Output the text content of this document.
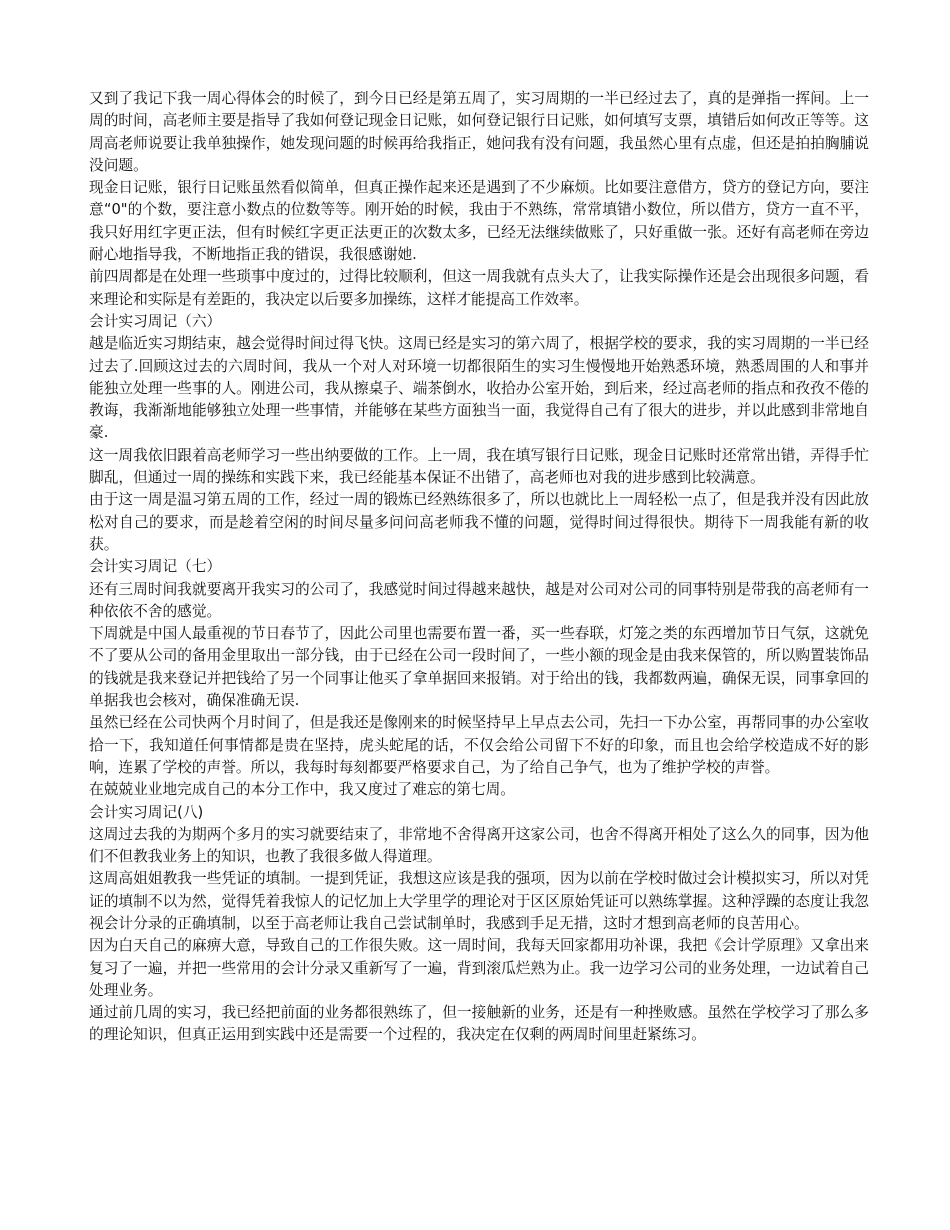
又到了我记下我一周心得体会的时候了，到今日已经是第五周了，实习周期的一半已经过去了，真的是弹指一挥间。上一周的时间，高老师主要是指导了我如何登记现金日记账，如何登记银行日记账，如何填写支票，填错后如何改正等等。这周高老师说要让我单独操作，她发现问题的时候再给我指正，她问我有没有问题，我虽然心里有点虚，但还是拍拍胸脯说没问题。

现金日记账，银行日记账虽然看似简单，但真正操作起来还是遇到了不少麻烦。比如要注意借方，贷方的登记方向，要注意“0"的个数，要注意小数点的位数等等。刚开始的时候，我由于不熟练，常常填错小数位，所以借方，贷方一直不平，我只好用红字更正法，但有时候红字更正法更正的次数太多，已经无法继续做账了，只好重做一张。还好有高老师在旁边耐心地指导我，不断地指正我的错误，我很感谢她.

前四周都是在处理一些琐事中度过的，过得比较顺利，但这一周我就有点头大了，让我实际操作还是会出现很多问题，看来理论和实际是有差距的，我决定以后要多加操练，这样才能提高工作效率。

会计实习周记（六）

越是临近实习期结束，越会觉得时间过得飞快。这周已经是实习的第六周了，根据学校的要求，我的实习周期的一半已经过去了.回顾这过去的六周时间，我从一个对人对环境一切都很陌生的实习生慢慢地开始熟悉环境，熟悉周围的人和事并能独立处理一些事的人。刚进公司，我从擦桌子、端茶倒水，收拾办公室开始，到后来，经过高老师的指点和孜孜不倦的教诲，我渐渐地能够独立处理一些事情，并能够在某些方面独当一面，我觉得自己有了很大的进步，并以此感到非常地自豪.

这一周我依旧跟着高老师学习一些出纳要做的工作。上一周，我在填写银行日记账，现金日记账时还常常出错，弄得手忙脚乱，但通过一周的操练和实践下来，我已经能基本保证不出错了，高老师也对我的进步感到比较满意。

由于这一周是温习第五周的工作，经过一周的锻炼已经熟练很多了，所以也就比上一周轻松一点了，但是我并没有因此放松对自己的要求，而是趁着空闲的时间尽量多问问高老师我不懂的问题，觉得时间过得很快。期待下一周我能有新的收获。

会计实习周记（七）

还有三周时间我就要离开我实习的公司了，我感觉时间过得越来越快，越是对公司对公司的同事特别是带我的高老师有一种依依不舍的感觉。

下周就是中国人最重视的节日春节了，因此公司里也需要布置一番，买一些春联，灯笼之类的东西增加节日气氛，这就免不了要从公司的备用金里取出一部分钱，由于已经在公司一段时间了，一些小额的现金是由我来保管的，所以购置装饰品的钱就是我来登记并把钱给了另一个同事让他买了拿单据回来报销。对于给出的钱，我都数两遍，确保无误，同事拿回的单据我也会核对，确保准确无误.

虽然已经在公司快两个月时间了，但是我还是像刚来的时候坚持早上早点去公司，先扫一下办公室，再帮同事的办公室收拾一下，我知道任何事情都是贵在坚持，虎头蛇尾的话，不仅会给公司留下不好的印象，而且也会给学校造成不好的影响，连累了学校的声誉。所以，我每时每刻都要严格要求自己，为了给自己争气，也为了维护学校的声誉。

在兢兢业业地完成自己的本分工作中，我又度过了难忘的第七周。

会计实习周记(八)

这周过去我的为期两个多月的实习就要结束了，非常地不舍得离开这家公司，也舍不得离开相处了这么久的同事，因为他们不但教我业务上的知识，也教了我很多做人得道理。

这周高姐姐教我一些凭证的填制。一提到凭证，我想这应该是我的强项，因为以前在学校时做过会计模拟实习，所以对凭证的填制不以为然，觉得凭着我惊人的记忆加上大学里学的理论对于区区原始凭证可以熟练掌握。这种浮躁的态度让我忽视会计分录的正确填制，以至于高老师让我自己尝试制单时，我感到手足无措，这时才想到高老师的良苦用心。

因为白天自己的麻痹大意，导致自己的工作很失败。这一周时间，我每天回家都用功补课，我把《会计学原理》又拿出来复习了一遍，并把一些常用的会计分录又重新写了一遍，背到滚瓜烂熟为止。我一边学习公司的业务处理，一边试着自己处理业务。

通过前几周的实习，我已经把前面的业务都很熟练了，但一接触新的业务，还是有一种挫败感。虽然在学校学习了那么多的理论知识，但真正运用到实践中还是需要一个过程的，我决定在仅剩的两周时间里赶紧练习。
